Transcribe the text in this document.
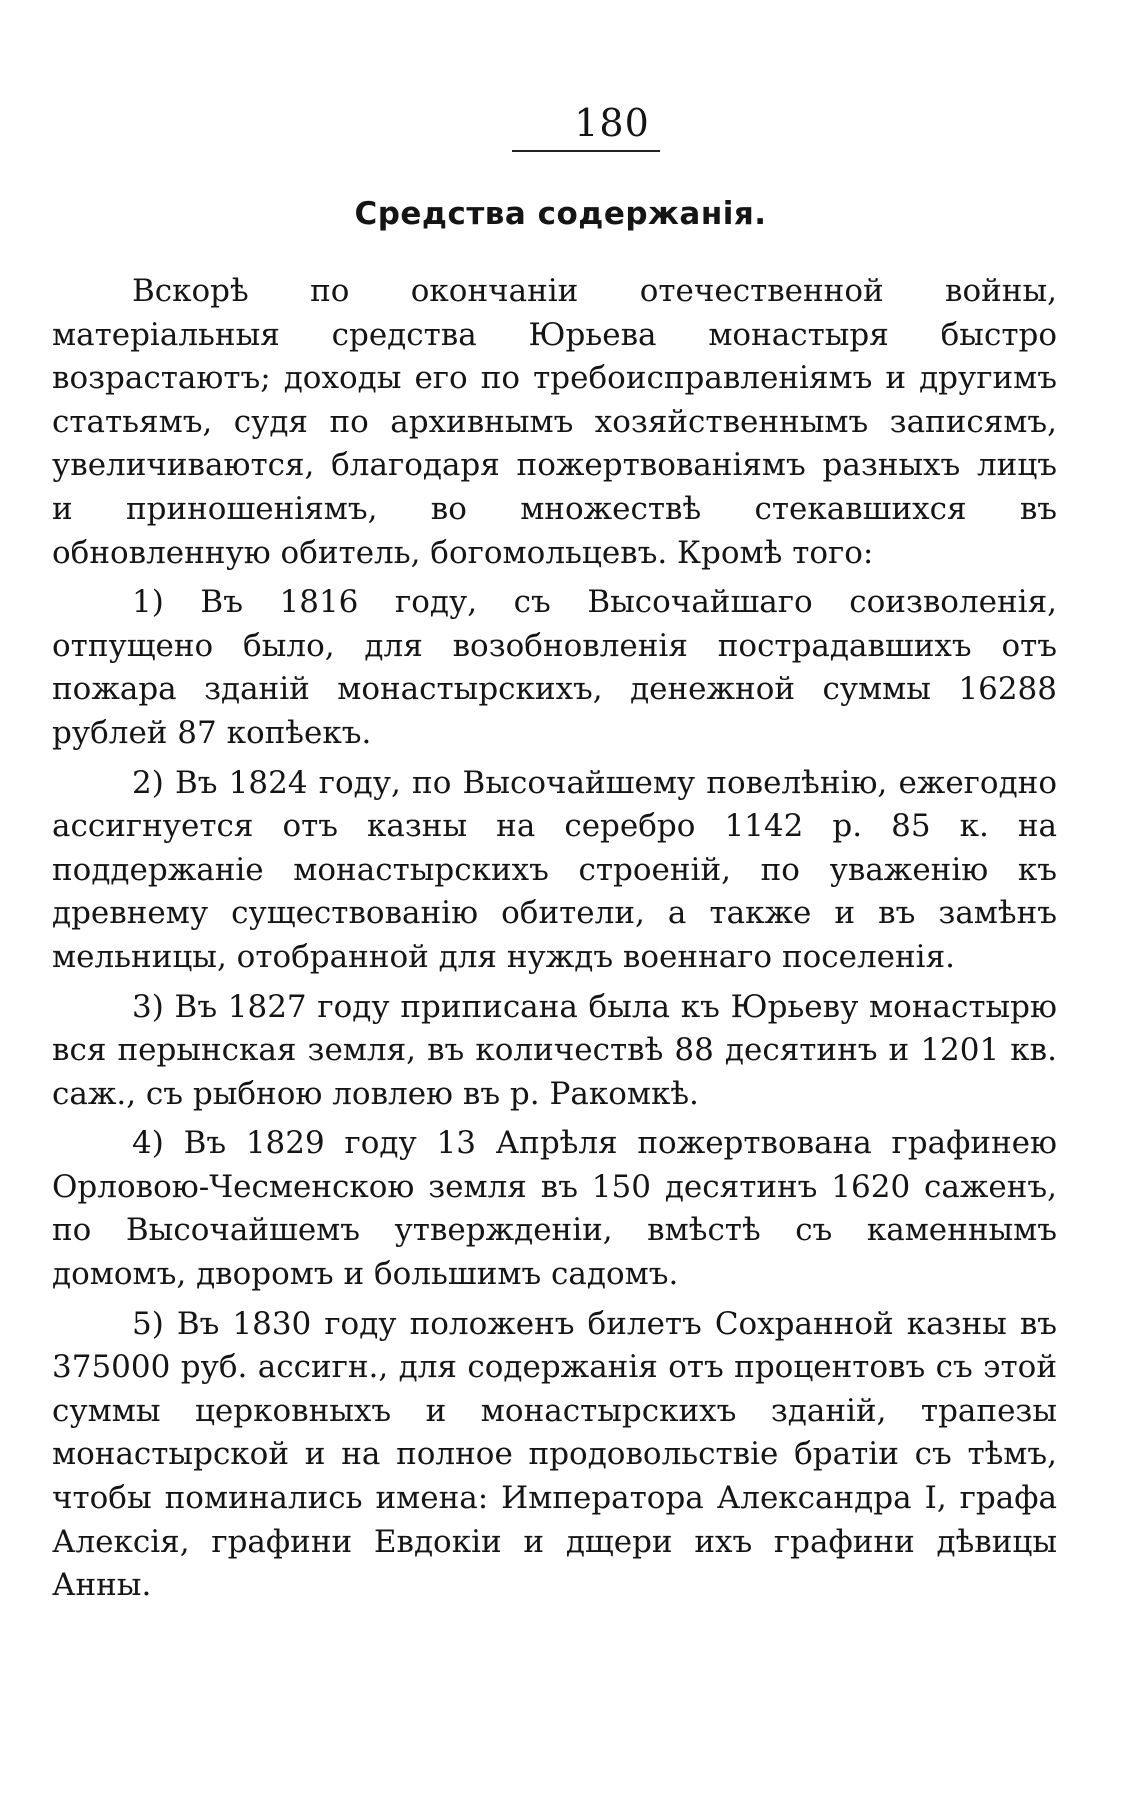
180
Средства содержанія.

Вскорѣ по окончаніи отечественной войны, матеріальныя средства Юрьева монастыря быстро возрастаютъ; доходы его по требоисправленіямъ и другимъ статьямъ, судя по архивнымъ хозяйственнымъ записямъ, увеличиваются, благодаря пожертвованіямъ разныхъ лицъ и приношеніямъ, во множествѣ стекавшихся въ обновленную обитель, богомольцевъ. Кромѣ того:

1) Въ 1816 году, съ Высочайшаго соизволенія, отпущено было, для возобновленія пострадавшихъ отъ пожара зданій монастырскихъ, денежной суммы 16288 рублей 87 копѣекъ.

2) Въ 1824 году, по Высочайшему повелѣнію, ежегодно ассигнуется отъ казны на серебро 1142 р. 85 к. на поддержаніе монастырскихъ строеній, по уваженію къ древнему существованію обители, а также и въ замѣнъ мельницы, отобранной для нуждъ военнаго поселенія.

3) Въ 1827 году приписана была къ Юрьеву монастырю вся перынская земля, въ количествѣ 88 десятинъ и 1201 кв. саж., съ рыбною ловлею въ р. Ракомкѣ.

4) Въ 1829 году 13 Апрѣля пожертвована графинею Орловою-Чесменскою земля въ 150 десятинъ 1620 саженъ, по Высочайшемъ утвержденіи, вмѣстѣ съ каменнымъ домомъ, дворомъ и большимъ садомъ.

5) Въ 1830 году положенъ билетъ Сохранной казны въ 375000 руб. ассигн., для содержанія отъ процентовъ съ этой суммы церковныхъ и монастырскихъ зданій, трапезы монастырской и на полное продовольствіе братіи съ тѣмъ, чтобы поминались имена: Императора Александра I, графа Алексія, графини Евдокіи и дщери ихъ графини дѣвицы Анны.
